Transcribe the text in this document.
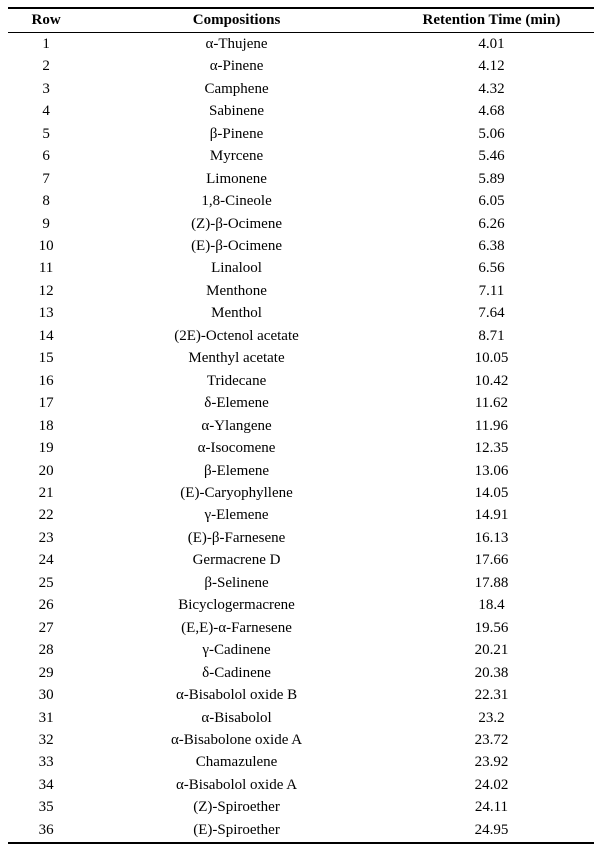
Row	Compositions	Retention Time (min)
1	α-Thujene	4.01
2	α-Pinene	4.12
3	Camphene	4.32
4	Sabinene	4.68
5	β-Pinene	5.06
6	Myrcene	5.46
7	Limonene	5.89
8	1,8-Cineole	6.05
9	(Z)-β-Ocimene	6.26
10	(E)-β-Ocimene	6.38
11	Linalool	6.56
12	Menthone	7.11
13	Menthol	7.64
14	(2E)-Octenol acetate	8.71
15	Menthyl acetate	10.05
16	Tridecane	10.42
17	δ-Elemene	11.62
18	α-Ylangene	11.96
19	α-Isocomene	12.35
20	β-Elemene	13.06
21	(E)-Caryophyllene	14.05
22	γ-Elemene	14.91
23	(E)-β-Farnesene	16.13
24	Germacrene D	17.66
25	β-Selinene	17.88
26	Bicyclogermacrene	18.4
27	(E,E)-α-Farnesene	19.56
28	γ-Cadinene	20.21
29	δ-Cadinene	20.38
30	α-Bisabolol oxide B	22.31
31	α-Bisabolol	23.2
32	α-Bisabolone oxide A	23.72
33	Chamazulene	23.92
34	α-Bisabolol oxide A	24.02
35	(Z)-Spiroether	24.11
36	(E)-Spiroether	24.95
